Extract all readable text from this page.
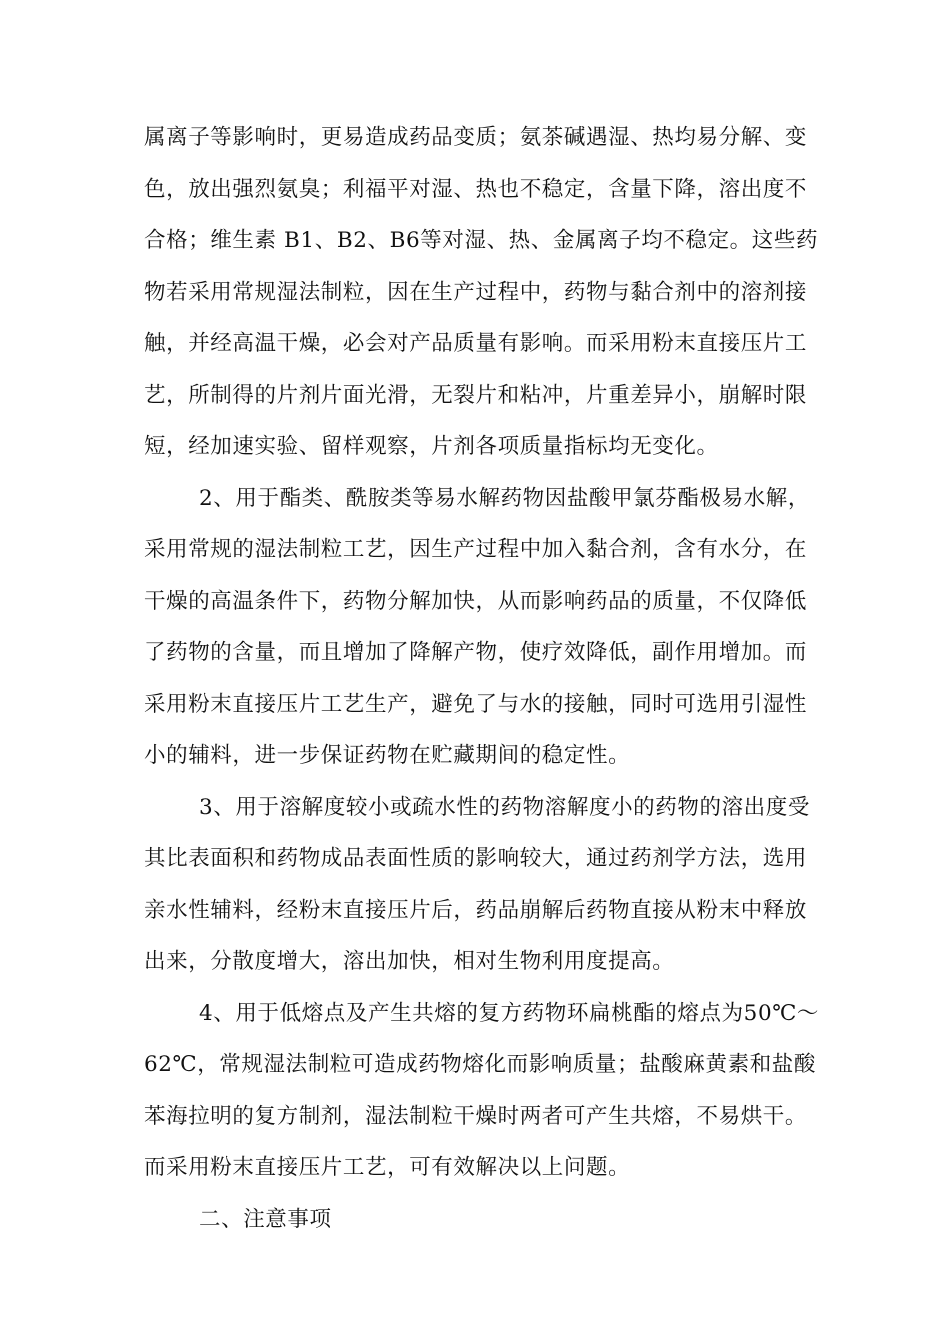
属离子等影响时，更易造成药品变质；氨茶碱遇湿、热均易分解、变
色，放出强烈氨臭；利福平对湿、热也不稳定，含量下降，溶出度不
合格；维生素 B1、B2、B6等对湿、热、金属离子均不稳定。这些药
物若采用常规湿法制粒，因在生产过程中，药物与黏合剂中的溶剂接
触，并经高温干燥，必会对产品质量有影响。而采用粉末直接压片工
艺，所制得的片剂片面光滑，无裂片和粘冲，片重差异小，崩解时限
短，经加速实验、留样观察，片剂各项质量指标均无变化。
2、用于酯类、酰胺类等易水解药物因盐酸甲氯芬酯极易水解，
采用常规的湿法制粒工艺，因生产过程中加入黏合剂，含有水分，在
干燥的高温条件下，药物分解加快，从而影响药品的质量，不仅降低
了药物的含量，而且增加了降解产物，使疗效降低，副作用增加。而
采用粉末直接压片工艺生产，避免了与水的接触，同时可选用引湿性
小的辅料，进一步保证药物在贮藏期间的稳定性。
3、用于溶解度较小或疏水性的药物溶解度小的药物的溶出度受
其比表面积和药物成品表面性质的影响较大，通过药剂学方法，选用
亲水性辅料，经粉末直接压片后，药品崩解后药物直接从粉末中释放
出来，分散度增大，溶出加快，相对生物利用度提高。
4、用于低熔点及产生共熔的复方药物环扁桃酯的熔点为50℃～
62℃，常规湿法制粒可造成药物熔化而影响质量；盐酸麻黄素和盐酸
苯海拉明的复方制剂，湿法制粒干燥时两者可产生共熔，不易烘干。
而采用粉末直接压片工艺，可有效解决以上问题。
二、注意事项
